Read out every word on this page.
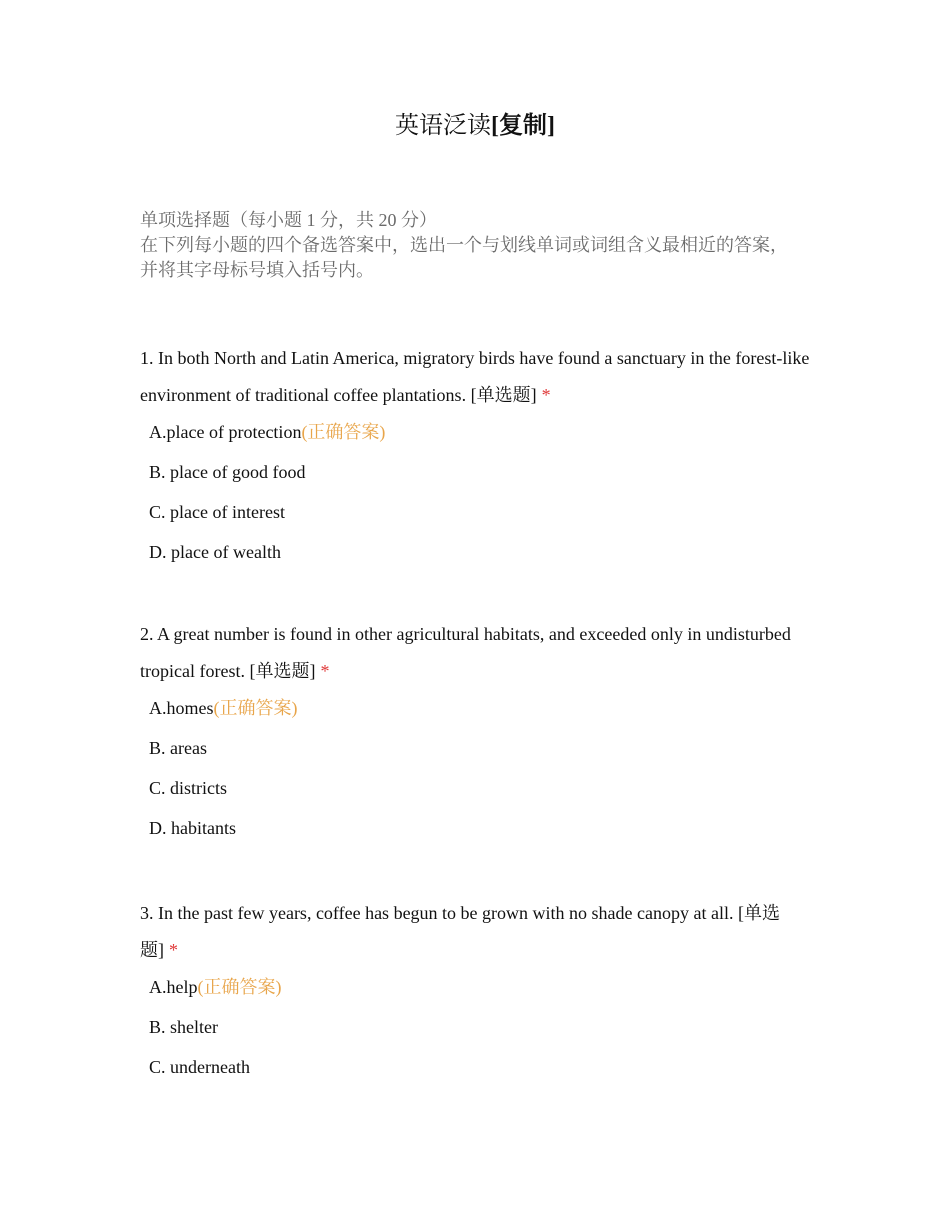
英语泛读[复制]
单项选择题（每小题 1 分，共 20 分）
在下列每小题的四个备选答案中，选出一个与划线单词或词组含义最相近的答案，
并将其字母标号填入括号内。
1. In both North and Latin America, migratory birds have found a sanctuary in the forest-like environment of traditional coffee plantations. [单选题] *
A.place of protection(正确答案)
B. place of good food
C. place of interest
D. place of wealth
2. A great number is found in other agricultural habitats, and exceeded only in undisturbed tropical forest. [单选题] *
A.homes(正确答案)
B. areas
C. districts
D. habitants
3. In the past few years, coffee has begun to be grown with no shade canopy at all. [单选题] *
A.help(正确答案)
B. shelter
C. underneath
